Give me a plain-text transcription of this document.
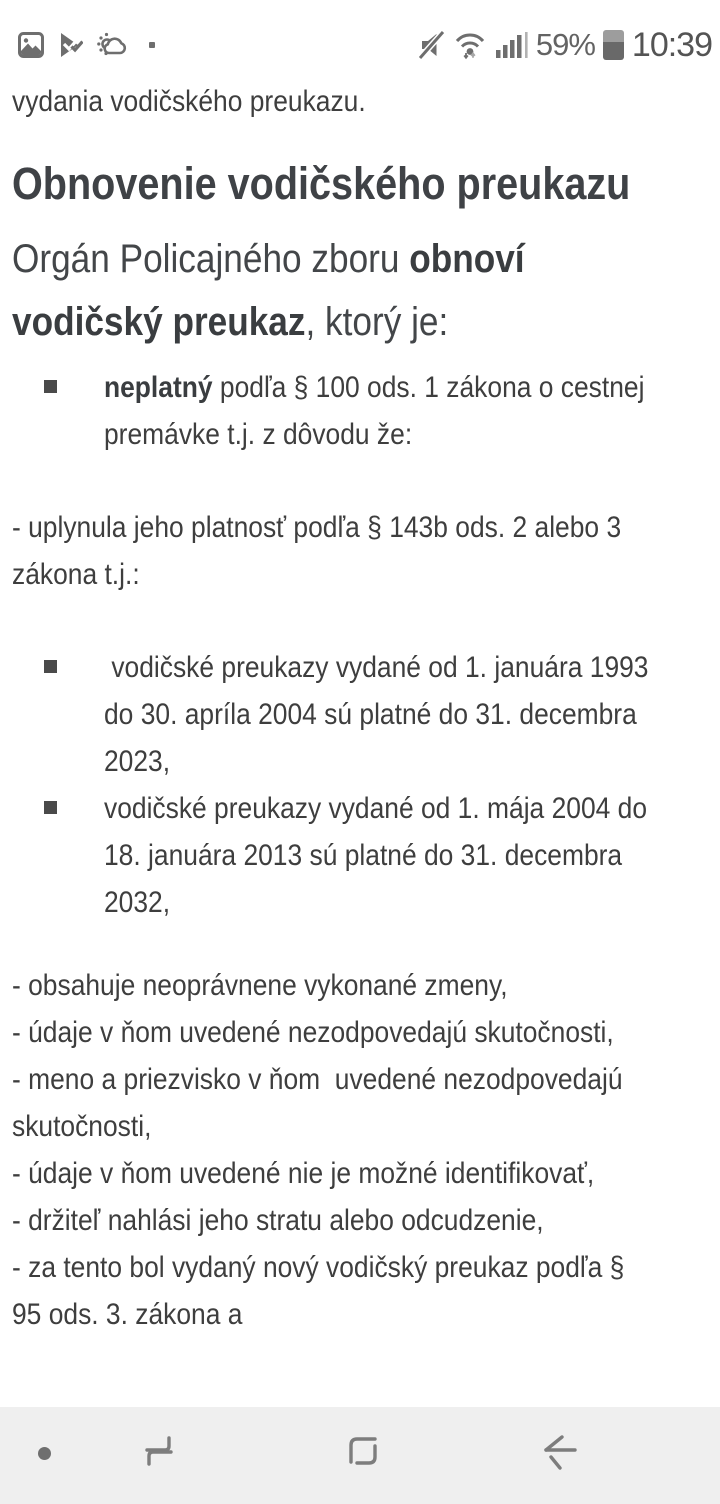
59% 10:39

vydania vodičského preukazu.

Obnovenie vodičského preukazu

Orgán Policajného zboru obnoví
vodičský preukaz, ktorý je:

neplatný podľa § 100 ods. 1 zákona o cestnej
premávke t.j. z dôvodu že:

- uplynula jeho platnosť podľa § 143b ods. 2 alebo 3
zákona t.j.:

vodičské preukazy vydané od 1. januára 1993
do 30. apríla 2004 sú platné do 31. decembra
2023,
vodičské preukazy vydané od 1. mája 2004 do
18. januára 2013 sú platné do 31. decembra
2032,

- obsahuje neoprávnene vykonané zmeny,
- údaje v ňom uvedené nezodpovedajú skutočnosti,
- meno a priezvisko v ňom  uvedené nezodpovedajú
skutočnosti,
- údaje v ňom uvedené nie je možné identifikovať,
- držiteľ nahlási jeho stratu alebo odcudzenie,
- za tento bol vydaný nový vodičský preukaz podľa §
95 ods. 3. zákona a
